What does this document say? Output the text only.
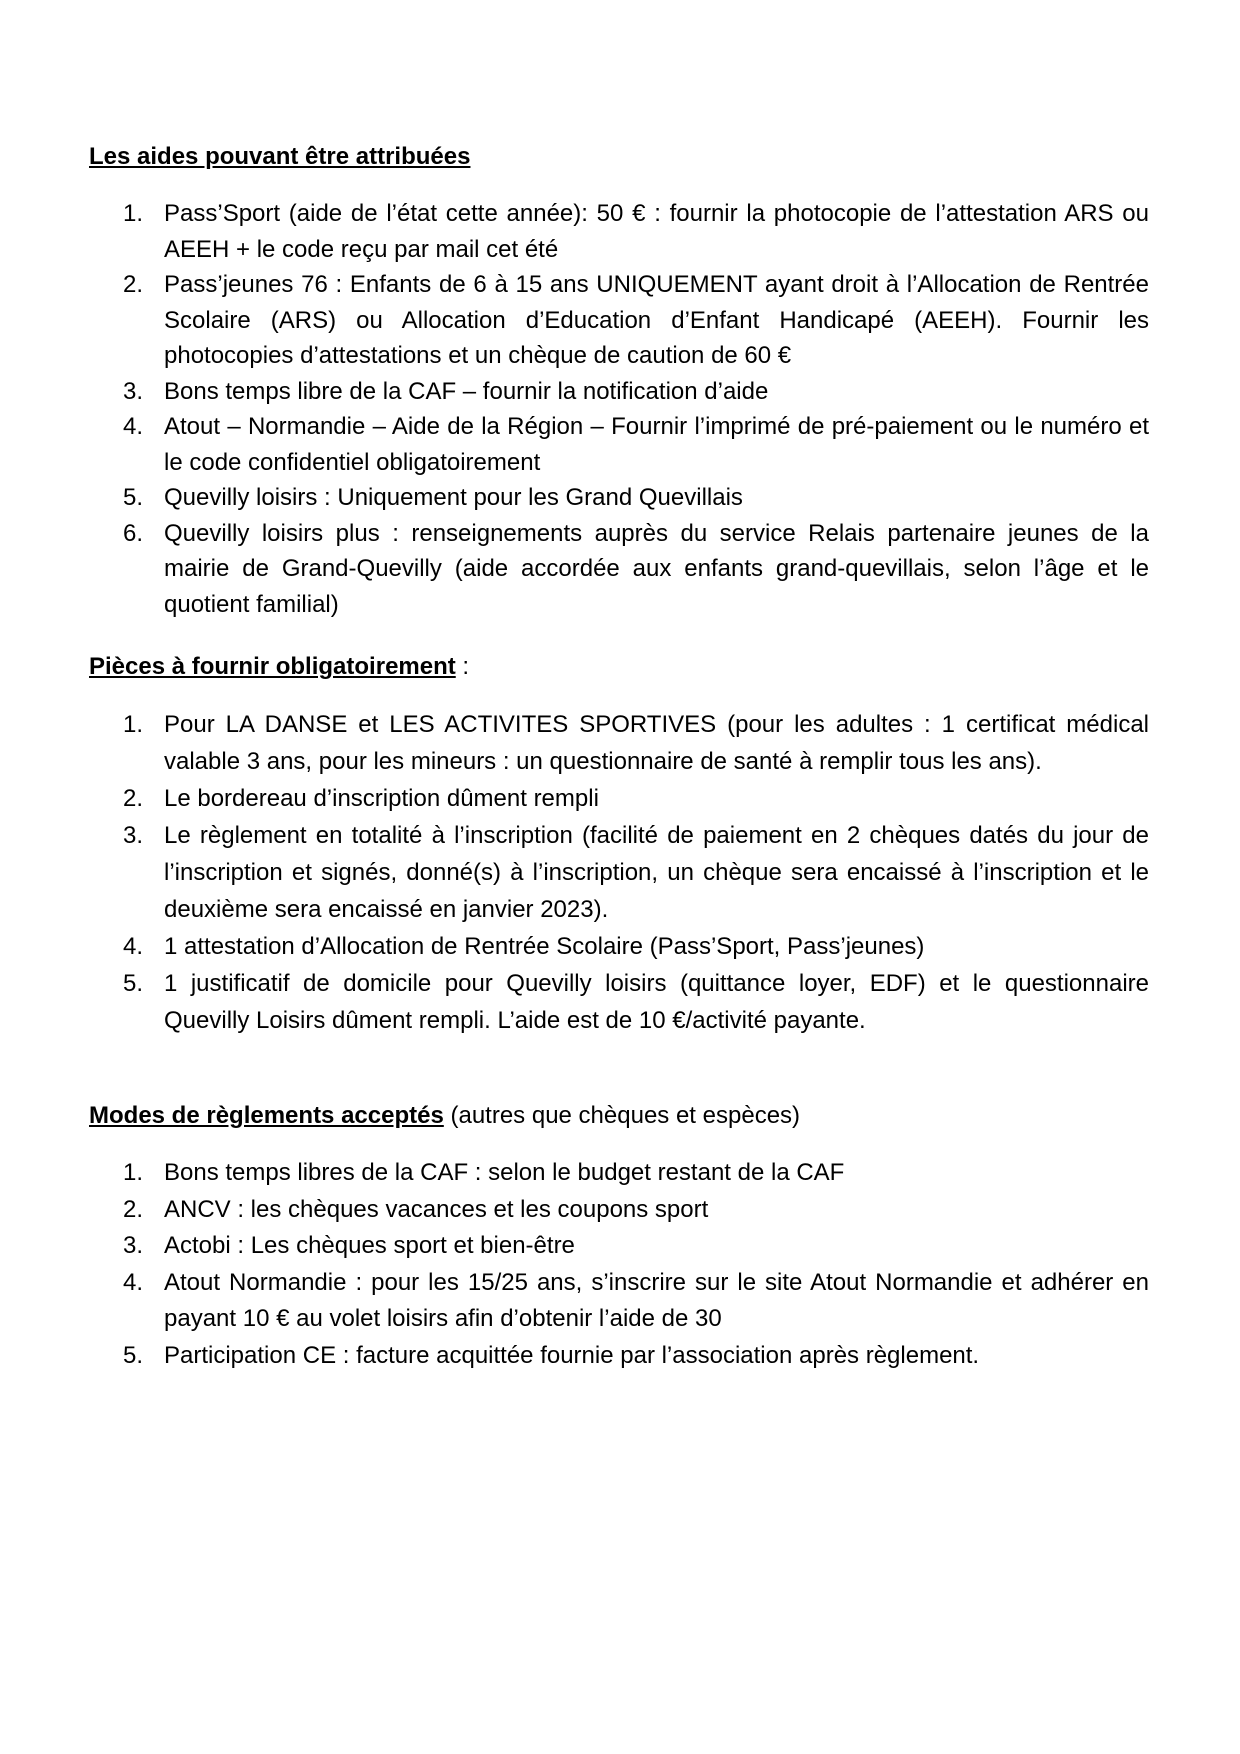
Les aides pouvant être attribuées

1. Pass’Sport (aide de l’état cette année): 50 € : fournir la photocopie de l’attestation ARS ou AEEH + le code reçu par mail cet été
2. Pass’jeunes 76 : Enfants de 6 à 15 ans UNIQUEMENT ayant droit à l’Allocation de Rentrée Scolaire (ARS) ou Allocation d’Education d’Enfant Handicapé (AEEH). Fournir les photocopies d’attestations et un chèque de caution de 60 €
3. Bons temps libre de la CAF – fournir la notification d’aide
4. Atout – Normandie – Aide de la Région – Fournir l’imprimé de pré-paiement ou le numéro et le code confidentiel obligatoirement
5. Quevilly loisirs : Uniquement pour les Grand Quevillais
6. Quevilly loisirs plus : renseignements auprès du service Relais partenaire jeunes de la mairie de Grand-Quevilly (aide accordée aux enfants grand-quevillais, selon l’âge et le quotient familial)

Pièces à fournir obligatoirement :

1. Pour LA DANSE et LES ACTIVITES SPORTIVES (pour les adultes : 1 certificat médical valable 3 ans, pour les mineurs : un questionnaire de santé à remplir tous les ans).
2. Le bordereau d’inscription dûment rempli
3. Le règlement en totalité à l’inscription (facilité de paiement en 2 chèques datés du jour de l’inscription et signés, donné(s) à l’inscription, un chèque sera encaissé à l’inscription et le deuxième sera encaissé en janvier 2023).
4. 1 attestation d’Allocation de Rentrée Scolaire (Pass’Sport, Pass’jeunes)
5. 1 justificatif de domicile pour Quevilly loisirs (quittance loyer, EDF) et le questionnaire Quevilly Loisirs dûment rempli. L’aide est de 10 €/activité payante.

Modes de règlements acceptés (autres que chèques et espèces)

1. Bons temps libres de la CAF : selon le budget restant de la CAF
2. ANCV : les chèques vacances et les coupons sport
3. Actobi : Les chèques sport et bien-être
4. Atout Normandie : pour les 15/25 ans, s’inscrire sur le site Atout Normandie et adhérer en payant 10 € au volet loisirs afin d’obtenir l’aide de 30
5. Participation CE : facture acquittée fournie par l’association après règlement.
